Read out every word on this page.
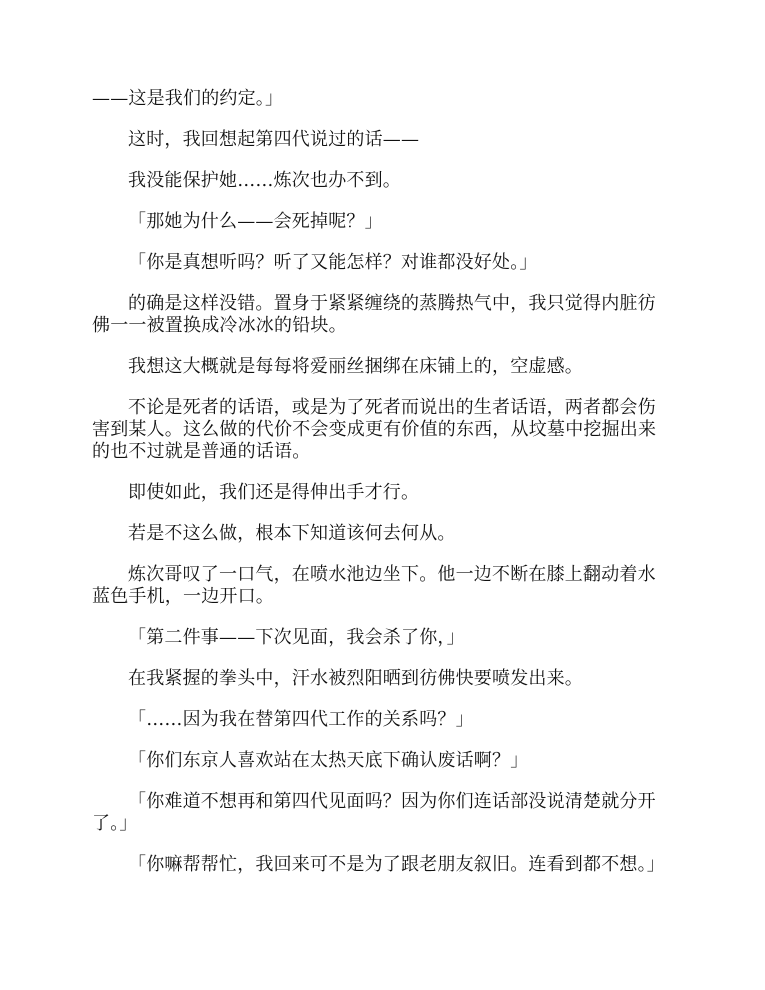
——这是我们的约定。」

这时，我回想起第四代说过的话——

我没能保护她……炼次也办不到。

「那她为什么——会死掉呢？」

「你是真想听吗？听了又能怎样？对谁都没好处。」

的确是这样没错。置身于紧紧缠绕的蒸腾热气中，我只觉得内脏彷佛一一被置换成冷冰冰的铅块。

我想这大概就是每每将爱丽丝捆绑在床铺上的，空虚感。

不论是死者的话语，或是为了死者而说出的生者话语，两者都会伤害到某人。这么做的代价不会变成更有价值的东西，从坟墓中挖掘出来的也不过就是普通的话语。

即使如此，我们还是得伸出手才行。

若是不这么做，根本下知道该何去何从。

炼次哥叹了一口气，在喷水池边坐下。他一边不断在膝上翻动着水蓝色手机，一边开口。

「第二件事——下次见面，我会杀了你，」

在我紧握的拳头中，汗水被烈阳晒到彷佛快要喷发出来。

「……因为我在替第四代工作的关系吗？」

「你们东京人喜欢站在太热天底下确认废话啊？」

「你难道不想再和第四代见面吗？因为你们连话部没说清楚就分开了。」

「你嘛帮帮忙，我回来可不是为了跟老朋友叙旧。连看到都不想。」
